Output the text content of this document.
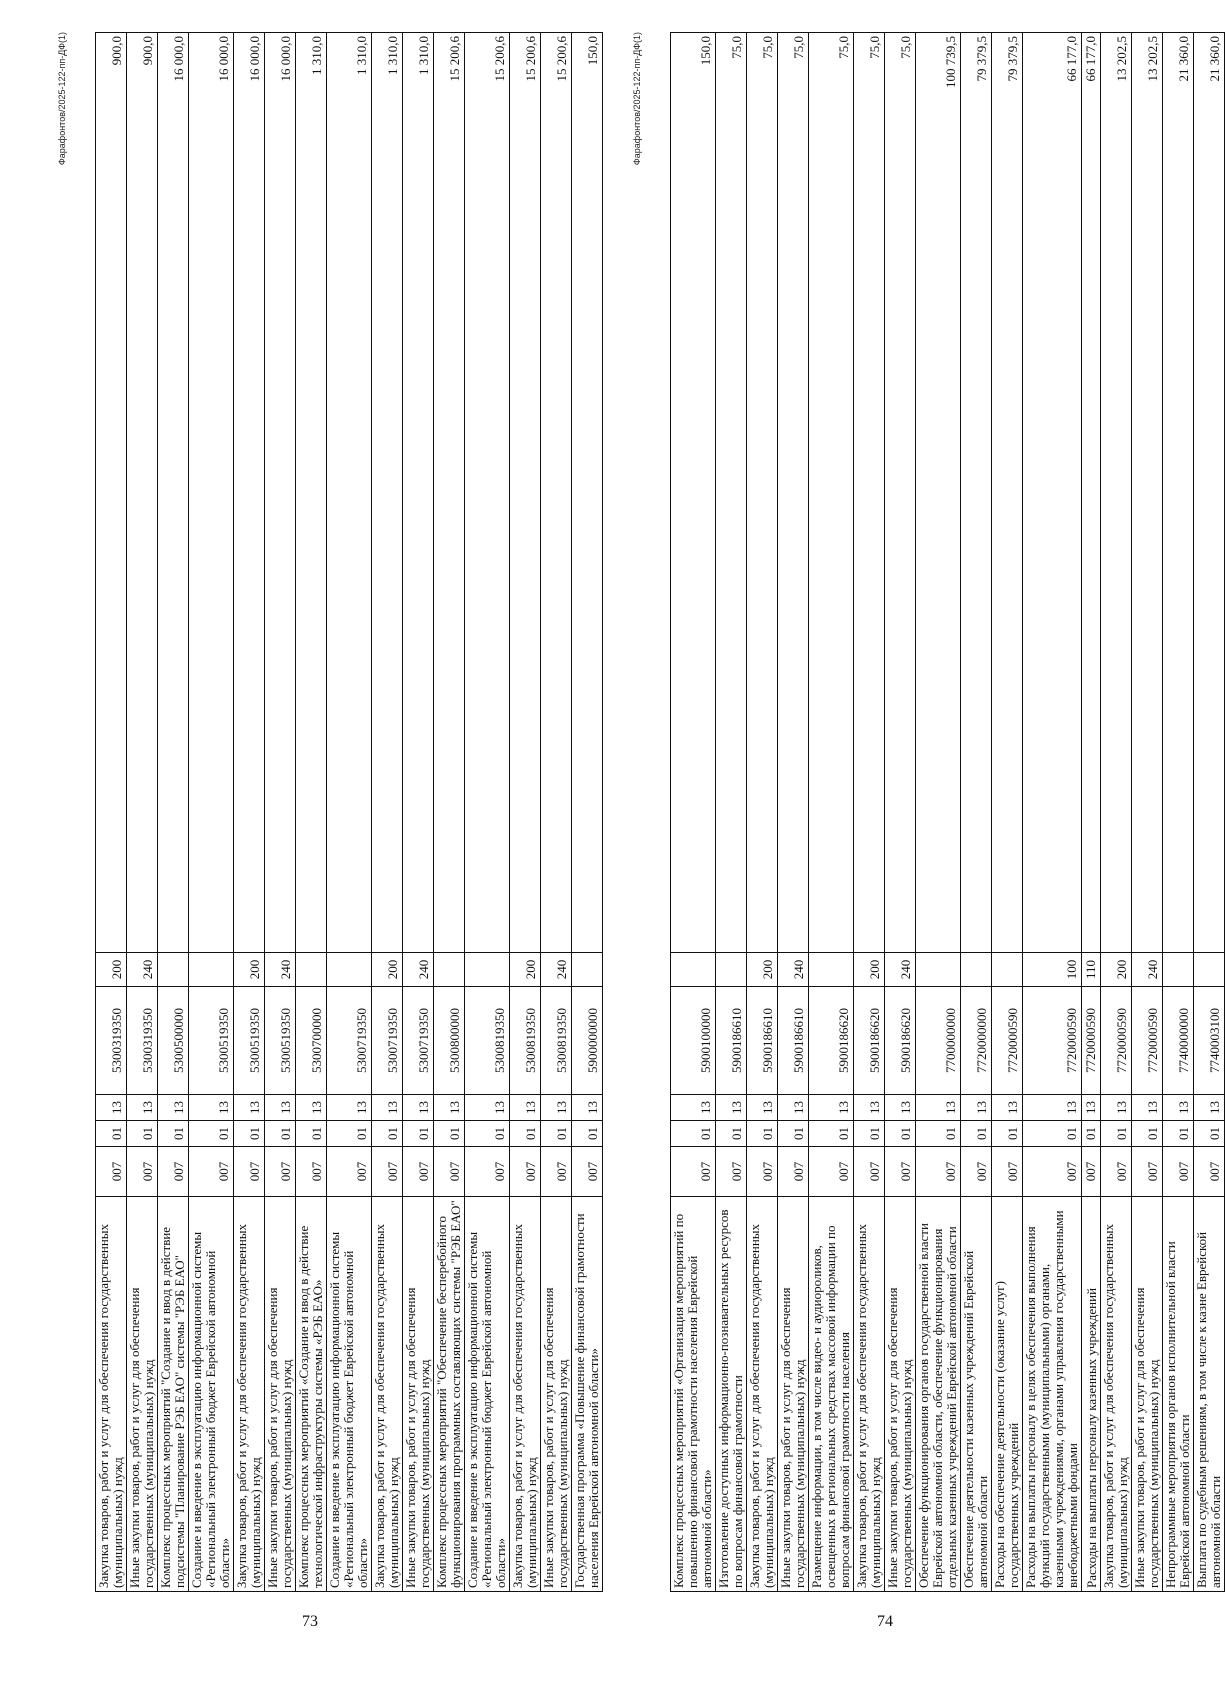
73
Фарафонтов/2025-122-пп-ДФ(1)
Закупка товаров, работ и услуг для обеспечения государственных (муниципальных) нужд	007	01	13	5300319350	200	900,0
Иные закупки товаров, работ и услуг для обеспечения государственных (муниципальных) нужд	007	01	13	5300319350	240	900,0
Комплекс процессных мероприятий "Создание и ввод в действие подсистемы "Планирование РЭБ ЕАО" системы "РЭБ ЕАО"	007	01	13	5300500000		16 000,0
Создание и введение в эксплуатацию информационной системы «Региональный электронный бюджет Еврейской автономной области»	007	01	13	5300519350		16 000,0
Закупка товаров, работ и услуг для обеспечения государственных (муниципальных) нужд	007	01	13	5300519350	200	16 000,0
Иные закупки товаров, работ и услуг для обеспечения государственных (муниципальных) нужд	007	01	13	5300519350	240	16 000,0
Комплекс процессных мероприятий «Создание и ввод в действие технологической инфраструктуры системы «РЭБ ЕАО»	007	01	13	5300700000		1 310,0
Создание и введение в эксплуатацию информационной системы «Региональный электронный бюджет Еврейской автономной области»	007	01	13	5300719350		1 310,0
Закупка товаров, работ и услуг для обеспечения государственных (муниципальных) нужд	007	01	13	5300719350	200	1 310,0
Иные закупки товаров, работ и услуг для обеспечения государственных (муниципальных) нужд	007	01	13	5300719350	240	1 310,0
Комплекс процессных мероприятий "Обеспечение бесперебойного функционирования программных составляющих системы "РЭБ ЕАО"	007	01	13	5300800000		15 200,6
Создание и введение в эксплуатацию информационной системы «Региональный электронный бюджет Еврейской автономной области»	007	01	13	5300819350		15 200,6
Закупка товаров, работ и услуг для обеспечения государственных (муниципальных) нужд	007	01	13	5300819350	200	15 200,6
Иные закупки товаров, работ и услуг для обеспечения государственных (муниципальных) нужд	007	01	13	5300819350	240	15 200,6
Государственная программа «Повышение финансовой грамотности населения Еврейской автономной области»	007	01	13	5900000000		150,0
74
Фарафонтов/2025-122-пп-ДФ(1)
Комплекс процессных мероприятий «Организация мероприятий по повышению финансовой грамотности населения Еврейской автономной области»	007	01	13	5900100000		150,0
Изготовление доступных информационно-познавательных ресурсов по вопросам финансовой грамотности	007	01	13	5900186610		75,0
Закупка товаров, работ и услуг для обеспечения государственных (муниципальных) нужд	007	01	13	5900186610	200	75,0
Иные закупки товаров, работ и услуг для обеспечения государственных (муниципальных) нужд	007	01	13	5900186610	240	75,0
Размещение информации, в том числе видео- и аудиороликов, освещенных в региональных средствах массовой информации по вопросам финансовой грамотности населения	007	01	13	5900186620		75,0
Закупка товаров, работ и услуг для обеспечения государственных (муниципальных) нужд	007	01	13	5900186620	200	75,0
Иные закупки товаров, работ и услуг для обеспечения государственных (муниципальных) нужд	007	01	13	5900186620	240	75,0
Обеспечение функционирования органов государственной власти Еврейской автономной области, обеспечение функционирования отдельных казенных учреждений Еврейской автономной области	007	01	13	7700000000		100 739,5
Обеспечение деятельности казенных учреждений Еврейской автономной области	007	01	13	7720000000		79 379,5
Расходы на обеспечение деятельности (оказание услуг) государственных учреждений	007	01	13	7720000590		79 379,5
Расходы на выплаты персоналу в целях обеспечения выполнения функций государственными (муниципальными) органами, казенными учреждениями, органами управления государственными внебюджетными фондами	007	01	13	7720000590	100	66 177,0
Расходы на выплаты персоналу казенных учреждений	007	01	13	7720000590	110	66 177,0
Закупка товаров, работ и услуг для обеспечения государственных (муниципальных) нужд	007	01	13	7720000590	200	13 202,5
Иные закупки товаров, работ и услуг для обеспечения государственных (муниципальных) нужд	007	01	13	7720000590	240	13 202,5
Непрограммные мероприятия органов исполнительной власти Еврейской автономной области	007	01	13	7740000000		21 360,0
Выплата по судебным решениям, в том числе к казне Еврейской автономной области	007	01	13	7740003100		21 360,0
